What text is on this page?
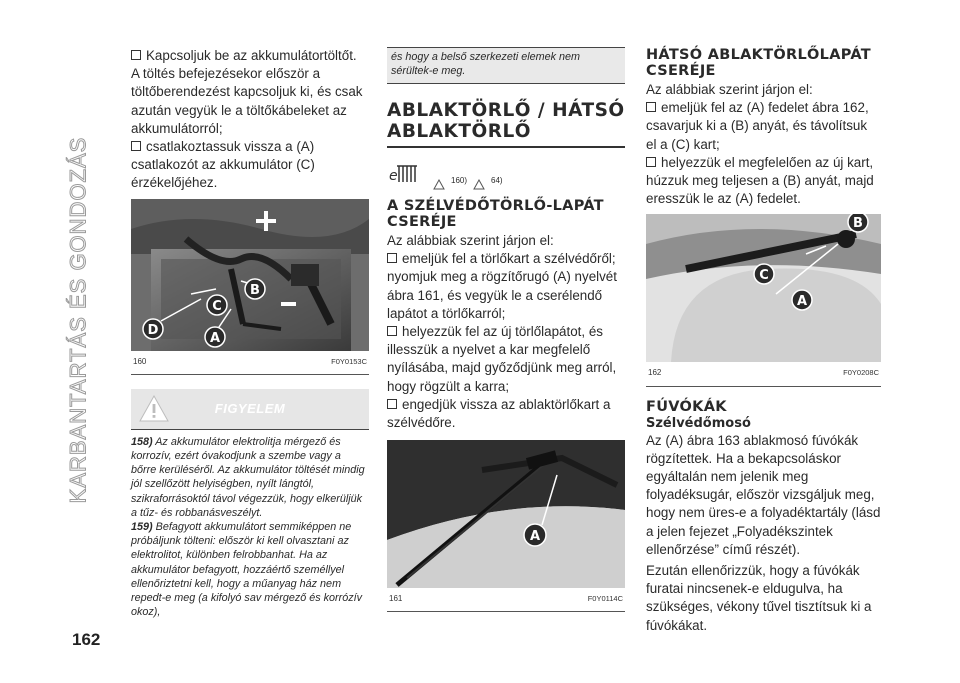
KARBANTARTÁS ÉS GONDOZÁS
162
Kapcsoljuk be az akkumulátortöltőt.

A töltés befejezésekor először a töltőberendezést kapcsoljuk ki, és csak azután vegyük le a töltőkábeleket az akkumulátorról;

csatlakoztassuk vissza a (A) csatlakozót az akkumulátor (C) érzékelőjéhez.
D
C
B
A
160	F0Y0153C
FIGYELEM

158) Az akkumulátor elektrolitja mérgező és korrozív, ezért óvakodjunk a szembe vagy a bőrre kerüléséről. Az akkumulátor töltését mindig jól szellőzött helyiségben, nyílt lángtól, szikraforrásoktól távol végezzük, hogy elkerüljük a tűz- és robbanásveszélyt.

159) Befagyott akkumulátort semmiképpen ne próbáljunk tölteni: először ki kell olvasztani az elektrolitot, különben felrobbanhat. Ha az akkumulátor befagyott, hozzáértő személlyel ellenőriztetni kell, hogy a műanyag ház nem repedt-e meg (a kifolyó sav mérgező és korrózív okoz),

és hogy a belső szerkezeti elemek nem sérültek-e meg.
ABLAKTÖRLŐ / HÁTSÓ ABLAKTÖRLŐ
e	160)	64)
A SZÉLVÉDŐTÖRLŐ-LAPÁT CSERÉJE

Az alábbiak szerint járjon el:

emeljük fel a törlőkart a szélvédőről; nyomjuk meg a rögzítőrugó (A) nyelvét ábra 161, és vegyük le a cserélendő lapátot a törlőkarról;
helyezzük fel az új törlőlapátot, és illesszük a nyelvet a kar megfelelő nyílásába, majd győződjünk meg arról, hogy rögzült a karra;
engedjük vissza az ablaktörlőkart a szélvédőre.
A
161	F0Y0114C
HÁTSÓ ABLAKTÖRLŐLAPÁT CSERÉJE

Az alábbiak szerint járjon el:

emeljük fel az (A) fedelet ábra 162, csavarjuk ki a (B) anyát, és távolítsuk el a (C) kart;
helyezzük el megfelelően az új kart, húzzuk meg teljesen a (B) anyát, majd eresszük le az (A) fedelet.
C
B
A
162	F0Y0208C
FÚVÓKÁK
Szélvédőmosó

Az (A) ábra 163 ablakmosó fúvókák rögzítettek. Ha a bekapcsoláskor egyáltalán nem jelenik meg folyadéksugár, először vizsgáljuk meg, hogy nem üres-e a folyadéktartály (lásd a jelen fejezet „Folyadékszintek ellenőrzése” című részét).

Ezután ellenőrizzük, hogy a fúvókák furatai nincsenek-e eldugulva, ha szükséges, vékony tűvel tisztítsuk ki a fúvókákat.
